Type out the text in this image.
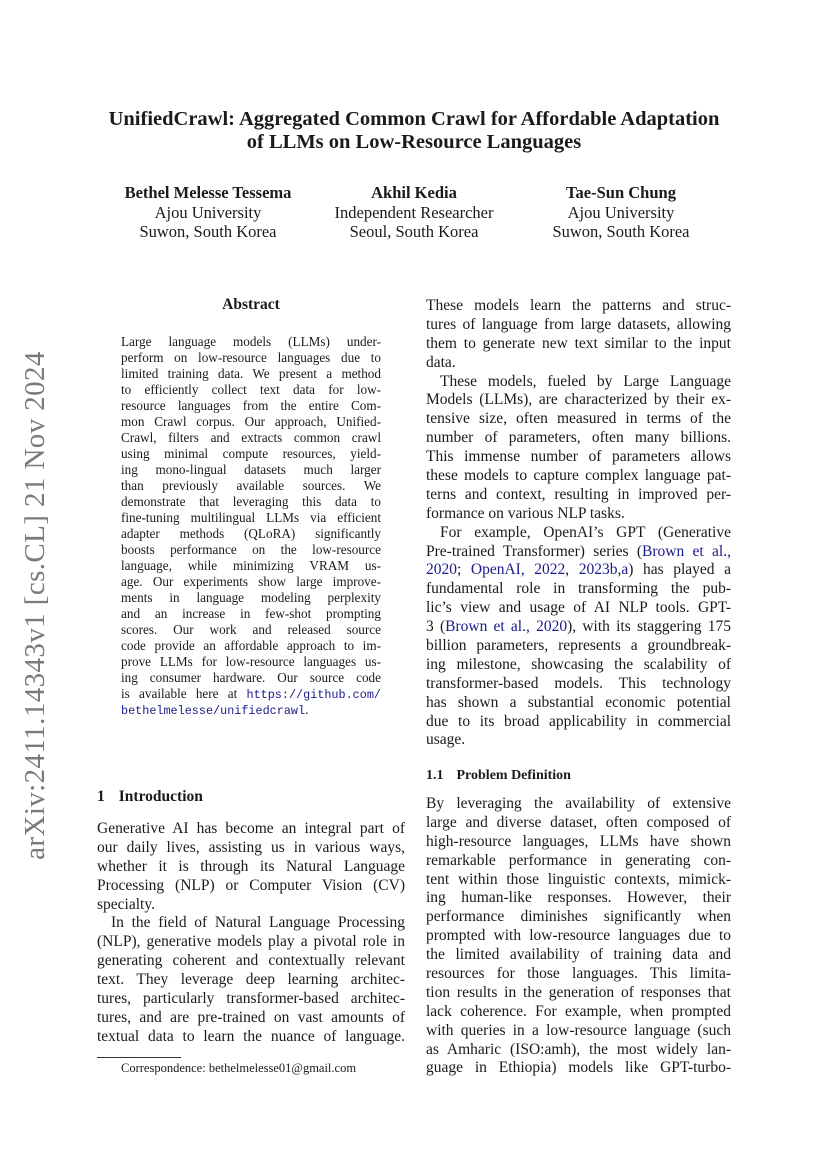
arXiv:2411.14343v1 [cs.CL] 21 Nov 2024
UnifiedCrawl: Aggregated Common Crawl for Affordable Adaptation
of LLMs on Low-Resource Languages
Bethel Melesse Tessema
Ajou University
Suwon, South Korea
Akhil Kedia
Independent Researcher
Seoul, South Korea
Tae-Sun Chung
Ajou University
Suwon, South Korea
Abstract
Large language models (LLMs) under-
perform on low-resource languages due to
limited training data. We present a method
to efficiently collect text data for low-
resource languages from the entire Com-
mon Crawl corpus. Our approach, Unified-
Crawl, filters and extracts common crawl
using minimal compute resources, yield-
ing mono-lingual datasets much larger
than previously available sources. We
demonstrate that leveraging this data to
fine-tuning multilingual LLMs via efficient
adapter methods (QLoRA) significantly
boosts performance on the low-resource
language, while minimizing VRAM us-
age. Our experiments show large improve-
ments in language modeling perplexity
and an increase in few-shot prompting
scores. Our work and released source
code provide an affordable approach to im-
prove LLMs for low-resource languages us-
ing consumer hardware. Our source code
is available here at https://github.com/
bethelmelesse/unifiedcrawl.
1 Introduction
Generative AI has become an integral part of
our daily lives, assisting us in various ways,
whether it is through its Natural Language
Processing (NLP) or Computer Vision (CV)
specialty.
In the field of Natural Language Processing
(NLP), generative models play a pivotal role in
generating coherent and contextually relevant
text. They leverage deep learning architec-
tures, particularly transformer-based architec-
tures, and are pre-trained on vast amounts of
textual data to learn the nuance of language.
Correspondence: bethelmelesse01@gmail.com
These models learn the patterns and struc-
tures of language from large datasets, allowing
them to generate new text similar to the input
data.
These models, fueled by Large Language
Models (LLMs), are characterized by their ex-
tensive size, often measured in terms of the
number of parameters, often many billions.
This immense number of parameters allows
these models to capture complex language pat-
terns and context, resulting in improved per-
formance on various NLP tasks.
For example, OpenAI’s GPT (Generative
Pre-trained Transformer) series (Brown et al.,
2020; OpenAI, 2022, 2023b,a) has played a
fundamental role in transforming the pub-
lic’s view and usage of AI NLP tools. GPT-
3 (Brown et al., 2020), with its staggering 175
billion parameters, represents a groundbreak-
ing milestone, showcasing the scalability of
transformer-based models. This technology
has shown a substantial economic potential
due to its broad applicability in commercial
usage.
1.1 Problem Definition
By leveraging the availability of extensive
large and diverse dataset, often composed of
high-resource languages, LLMs have shown
remarkable performance in generating con-
tent within those linguistic contexts, mimick-
ing human-like responses. However, their
performance diminishes significantly when
prompted with low-resource languages due to
the limited availability of training data and
resources for those languages. This limita-
tion results in the generation of responses that
lack coherence. For example, when prompted
with queries in a low-resource language (such
as Amharic (ISO:amh), the most widely lan-
guage in Ethiopia) models like GPT-turbo-
